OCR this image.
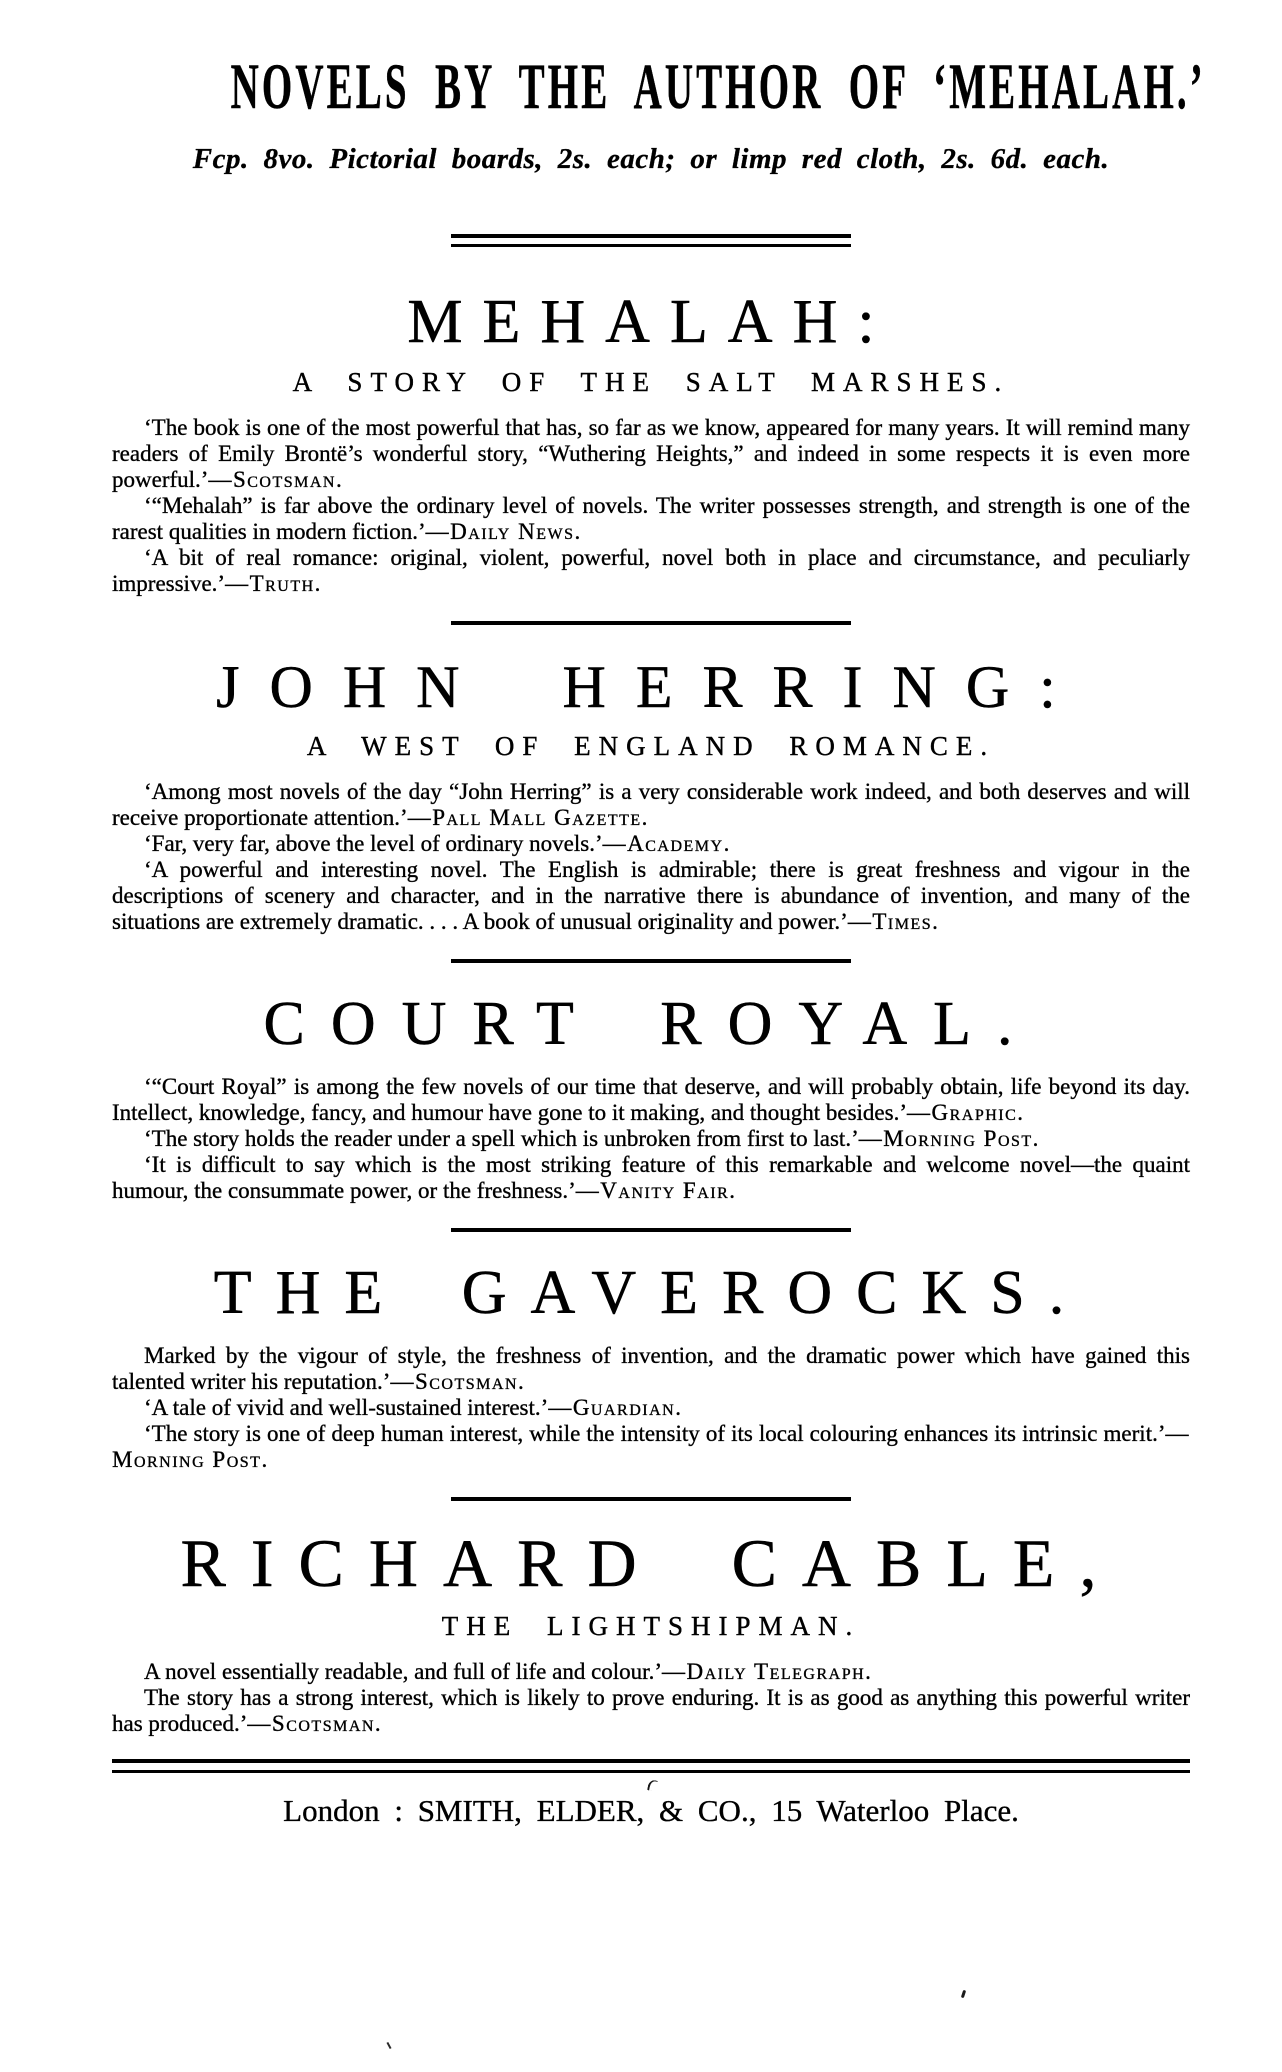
NOVELS BY THE AUTHOR OF ‘MEHALAH.’
Fcp. 8vo. Pictorial boards, 2s. each; or limp red cloth, 2s. 6d. each.
MEHALAH:
A STORY OF THE SALT MARSHES.

‘The book is one of the most powerful that has, so far as we know, appeared for many years. It will remind many readers of Emily Brontë’s wonderful story, “Wuthering Heights,” and indeed in some respects it is even more powerful.’—Scotsman.

‘“Mehalah” is far above the ordinary level of novels. The writer possesses strength, and strength is one of the rarest qualities in modern fiction.’—Daily News.

‘A bit of real romance: original, violent, powerful, novel both in place and circumstance, and peculiarly impressive.’—Truth.

JOHN HERRING:
A WEST OF ENGLAND ROMANCE.

‘Among most novels of the day “John Herring” is a very considerable work indeed, and both deserves and will receive proportionate attention.’—Pall Mall Gazette.

‘Far, very far, above the level of ordinary novels.’—Academy.

‘A powerful and interesting novel. The English is admirable; there is great freshness and vigour in the descriptions of scenery and character, and in the narrative there is abundance of invention, and many of the situations are extremely dramatic. . . . A book of unusual originality and power.’—Times.

COURT ROYAL.

‘“Court Royal” is among the few novels of our time that deserve, and will probably obtain, life beyond its day. Intellect, knowledge, fancy, and humour have gone to it making, and thought besides.’—Graphic.

‘The story holds the reader under a spell which is unbroken from first to last.’—Morning Post.

‘It is difficult to say which is the most striking feature of this remarkable and welcome novel—the quaint humour, the consummate power, or the freshness.’—Vanity Fair.

THE GAVEROCKS.

Marked by the vigour of style, the freshness of invention, and the dramatic power which have gained this talented writer his reputation.’—Scotsman.

‘A tale of vivid and well-sustained interest.’—Guardian.

‘The story is one of deep human interest, while the intensity of its local colouring enhances its intrinsic merit.’—Morning Post.

RICHARD CABLE,
THE LIGHTSHIPMAN.

A novel essentially readable, and full of life and colour.’—Daily Telegraph.

The story has a strong interest, which is likely to prove enduring. It is as good as anything this powerful writer has produced.’—Scotsman.

London : SMITH, ELDER, & CO., 15 Waterloo Place.
